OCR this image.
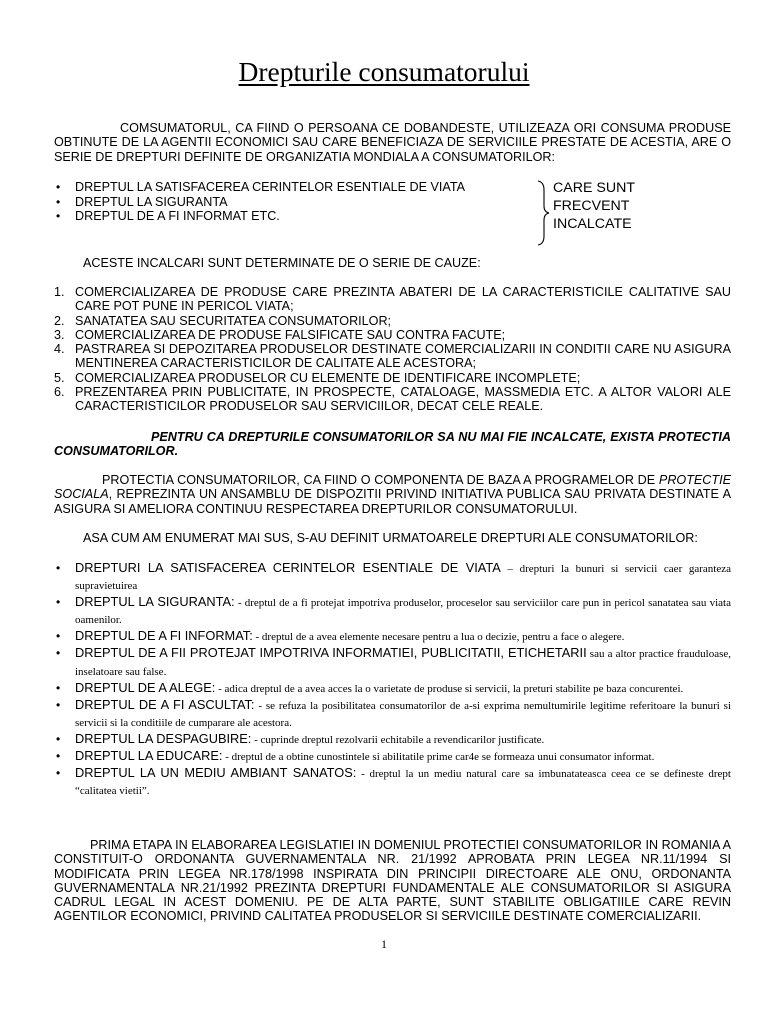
Drepturile consumatorului
COMSUMATORUL, CA FIIND O PERSOANA CE DOBANDESTE, UTILIZEAZA ORI CONSUMA PRODUSE OBTINUTE DE LA AGENTII ECONOMICI SAU CARE BENEFICIAZA DE SERVICIILE PRESTATE DE ACESTIA, ARE O SERIE DE DREPTURI DEFINITE DE ORGANIZATIA MONDIALA A CONSUMATORILOR:
• DREPTUL LA SATISFACEREA CERINTELOR ESENTIALE DE VIATA
• DREPTUL LA SIGURANTA
• DREPTUL DE A FI INFORMAT ETC.
CARE SUNT
FRECVENT
INCALCATE
ACESTE INCALCARI SUNT DETERMINATE DE O SERIE DE CAUZE:
1. COMERCIALIZAREA DE PRODUSE CARE PREZINTA ABATERI DE LA CARACTERISTICILE CALITATIVE SAU CARE POT PUNE IN PERICOL VIATA;
2. SANATATEA SAU SECURITATEA CONSUMATORILOR;
3. COMERCIALIZAREA DE PRODUSE FALSIFICATE SAU CONTRA FACUTE;
4. PASTRAREA SI DEPOZITAREA PRODUSELOR DESTINATE COMERCIALIZARII IN CONDITII CARE NU ASIGURA MENTINEREA CARACTERISTICILOR DE CALITATE ALE ACESTORA;
5. COMERCIALIZAREA PRODUSELOR CU ELEMENTE DE IDENTIFICARE INCOMPLETE;
6. PREZENTAREA PRIN PUBLICITATE, IN PROSPECTE, CATALOAGE, MASSMEDIA ETC. A ALTOR VALORI ALE CARACTERISTICILOR PRODUSELOR SAU SERVICIILOR, DECAT CELE REALE.
PENTRU CA DREPTURILE CONSUMATORILOR SA NU MAI FIE INCALCATE, EXISTA PROTECTIA CONSUMATORILOR.
PROTECTIA CONSUMATORILOR, CA FIIND O COMPONENTA DE BAZA A PROGRAMELOR DE PROTECTIE SOCIALA, REPREZINTA UN ANSAMBLU DE DISPOZITII PRIVIND INITIATIVA PUBLICA SAU PRIVATA DESTINATE A ASIGURA SI AMELIORA CONTINUU RESPECTAREA DREPTURILOR CONSUMATORULUI.
ASA CUM AM ENUMERAT MAI SUS, S-AU DEFINIT URMATOARELE DREPTURI ALE CONSUMATORILOR:
• DREPTURI LA SATISFACEREA CERINTELOR ESENTIALE DE VIATA – drepturi la bunuri si servicii caer garanteza supravietuirea
• DREPTUL LA SIGURANTA: - dreptul de a fi protejat impotriva produselor, proceselor sau serviciilor care pun in pericol sanatatea sau viata oamenilor.
• DREPTUL DE A FI INFORMAT: - dreptul de a avea elemente necesare pentru a lua o decizie, pentru a face o alegere.
• DREPTUL DE A FII PROTEJAT IMPOTRIVA INFORMATIEI, PUBLICITATII, ETICHETARII sau a altor practice frauduloase, inselatoare sau false.
• DREPTUL DE A ALEGE: - adica dreptul de a avea acces la o varietate de produse si servicii, la preturi stabilite pe baza concurentei.
• DREPTUL DE A FI ASCULTAT: - se refuza la posibilitatea consumatorilor de a-si exprima nemultumirile legitime referitoare la bunuri si servicii si la conditiile de cumparare ale acestora.
• DREPTUL LA DESPAGUBIRE: - cuprinde dreptul rezolvarii echitabile a revendicarilor justificate.
• DREPTUL LA EDUCARE: - dreptul de a obtine cunostintele si abilitatile prime car4e se formeaza unui consumator informat.
• DREPTUL LA UN MEDIU AMBIANT SANATOS: - dreptul la un mediu natural care sa imbunatateasca ceea ce se defineste drept “calitatea vietii”.
PRIMA ETAPA IN ELABORAREA LEGISLATIEI IN DOMENIUL PROTECTIEI CONSUMATORILOR IN ROMANIA A CONSTITUIT-O ORDONANTA GUVERNAMENTALA NR. 21/1992 APROBATA PRIN LEGEA NR.11/1994 SI MODIFICATA PRIN LEGEA NR.178/1998 INSPIRATA DIN PRINCIPII DIRECTOARE ALE ONU, ORDONANTA GUVERNAMENTALA NR.21/1992 PREZINTA DREPTURI FUNDAMENTALE ALE CONSUMATORILOR SI ASIGURA CADRUL LEGAL IN ACEST DOMENIU. PE DE ALTA PARTE, SUNT STABILITE OBLIGATIILE CARE REVIN AGENTILOR ECONOMICI, PRIVIND CALITATEA PRODUSELOR SI SERVICIILE DESTINATE COMERCIALIZARII.
1
